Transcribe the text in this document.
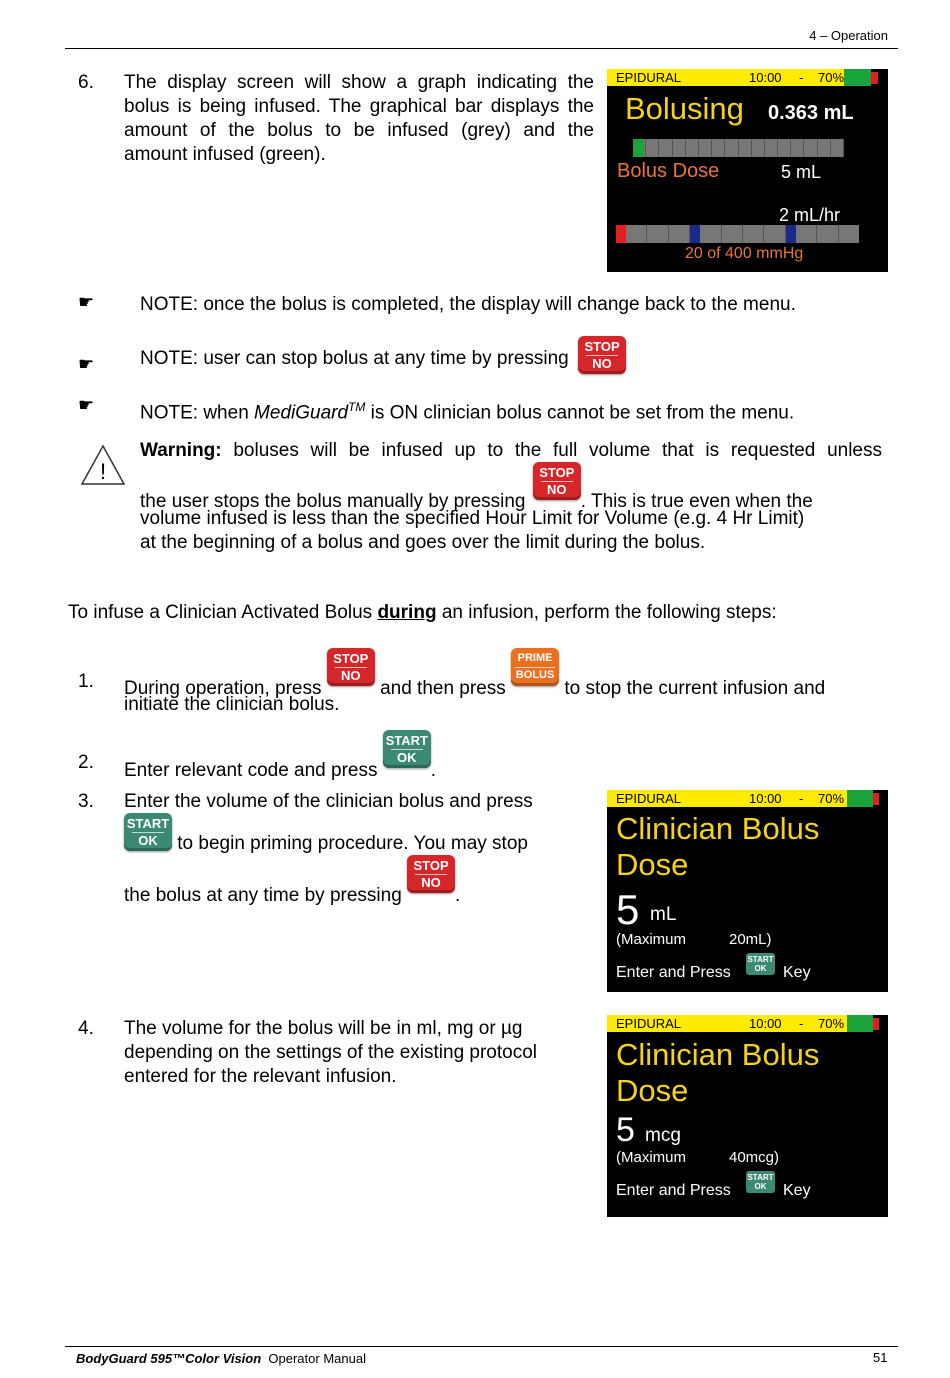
4 – Operation
6. The display screen will show a graph indicating the bolus is being infused. The graphical bar displays the amount of the bolus to be infused (grey) and the amount infused (green).
EPIDURAL	10:00 - 70%
Bolusing 0.363 mL
Bolus Dose	5 mL
2 mL/hr
20 of 400 mmHg
☛ NOTE: once the bolus is completed, the display will change back to the menu.
☛ NOTE: user can stop bolus at any time by pressing
STOP
NO
☛ NOTE: when MediGuard™ is ON clinician bolus cannot be set from the menu.
!
Warning: boluses will be infused up to the full volume that is requested unless
the user stops the bolus manually by pressing
STOP
NO
. This is true even when the
volume infused is less than the specified Hour Limit for Volume (e.g. 4 Hr Limit)
at the beginning of a bolus and goes over the limit during the bolus.
To infuse a Clinician Activated Bolus during an infusion, perform the following steps:
1. During operation, press
STOP
NO
and then press
PRIME
BOLUS
to stop the current infusion and
initiate the clinician bolus.
2. Enter relevant code and press
START
OK
.
3. Enter the volume of the clinician bolus and press
START
OK	to begin priming procedure. You may stop
the bolus at any time by pressing
STOP
NO
.
EPIDURAL	10:00 - 70%
Clinician Bolus
Dose
5 mL
(Maximum	20mL)
Enter and Press
START
OK	Key
4. The volume for the bolus will be in ml, mg or µg depending on the settings of the existing protocol entered for the relevant infusion.
EPIDURAL	10:00 - 70%
Clinician Bolus
Dose
5 mcg
(Maximum	40mcg)
Enter and Press
START
OK	Key
BodyGuard 595™Color Vision Operator Manual	51
